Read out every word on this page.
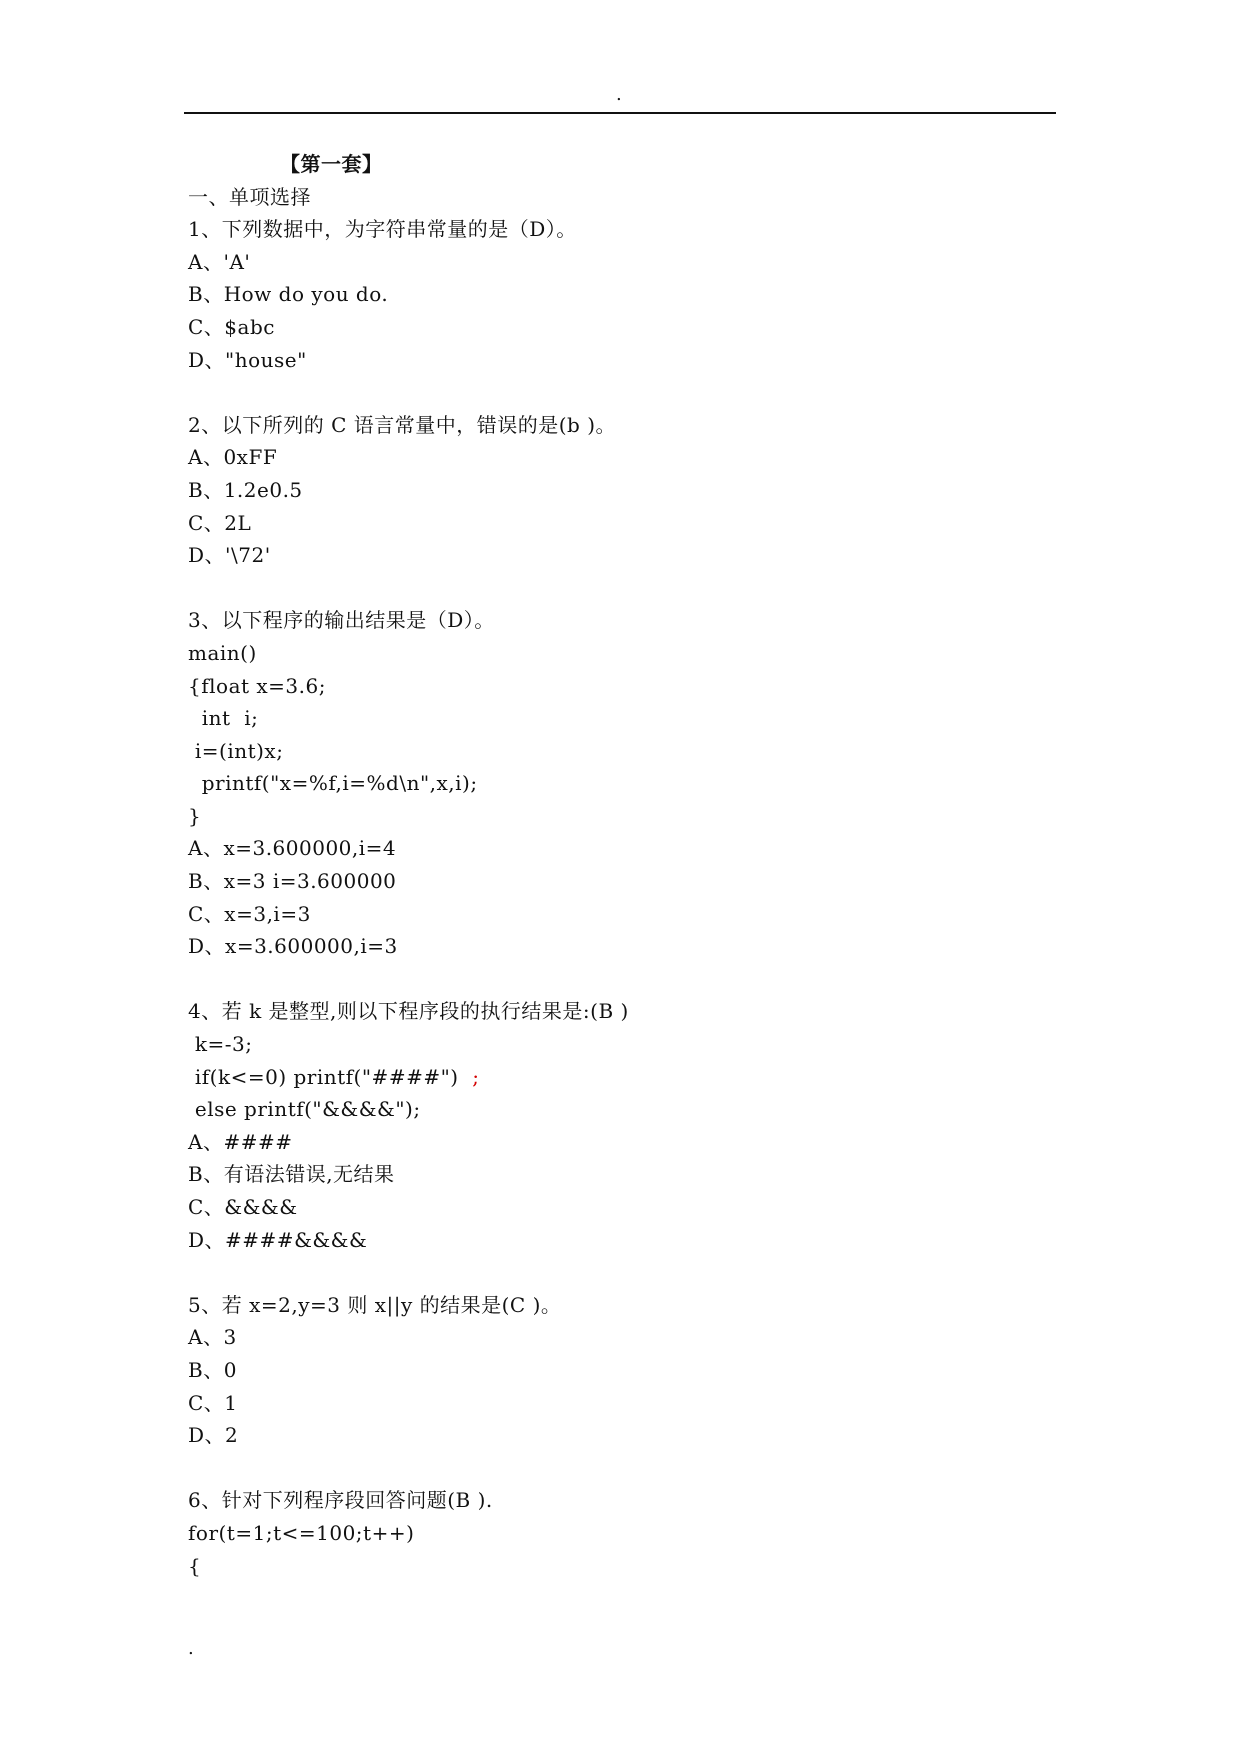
.
【第一套】
一、单项选择
1、下列数据中，为字符串常量的是（D）。
A、'A'
B、How do you do.
C、$abc
D、"house"
2、以下所列的 C 语言常量中，错误的是(b )。
A、0xFF
B、1.2e0.5
C、2L
D、'\72'
3、以下程序的输出结果是（D）。
main()
{float x=3.6;
int  i;
i=(int)x;
printf("x=%f,i=%d\n",x,i);
}
A、x=3.600000,i=4
B、x=3 i=3.600000
C、x=3,i=3
D、x=3.600000,i=3
4、若 k 是整型,则以下程序段的执行结果是:(B )
k=-3;
if(k<=0) printf("####")  ;
else printf("&&&&");
A、####
B、有语法错误,无结果
C、&&&&
D、####&&&&
5、若 x=2,y=3 则 x||y 的结果是(C )。
A、3
B、0
C、1
D、2
6、针对下列程序段回答问题(B ).
for(t=1;t<=100;t++)
{
.
